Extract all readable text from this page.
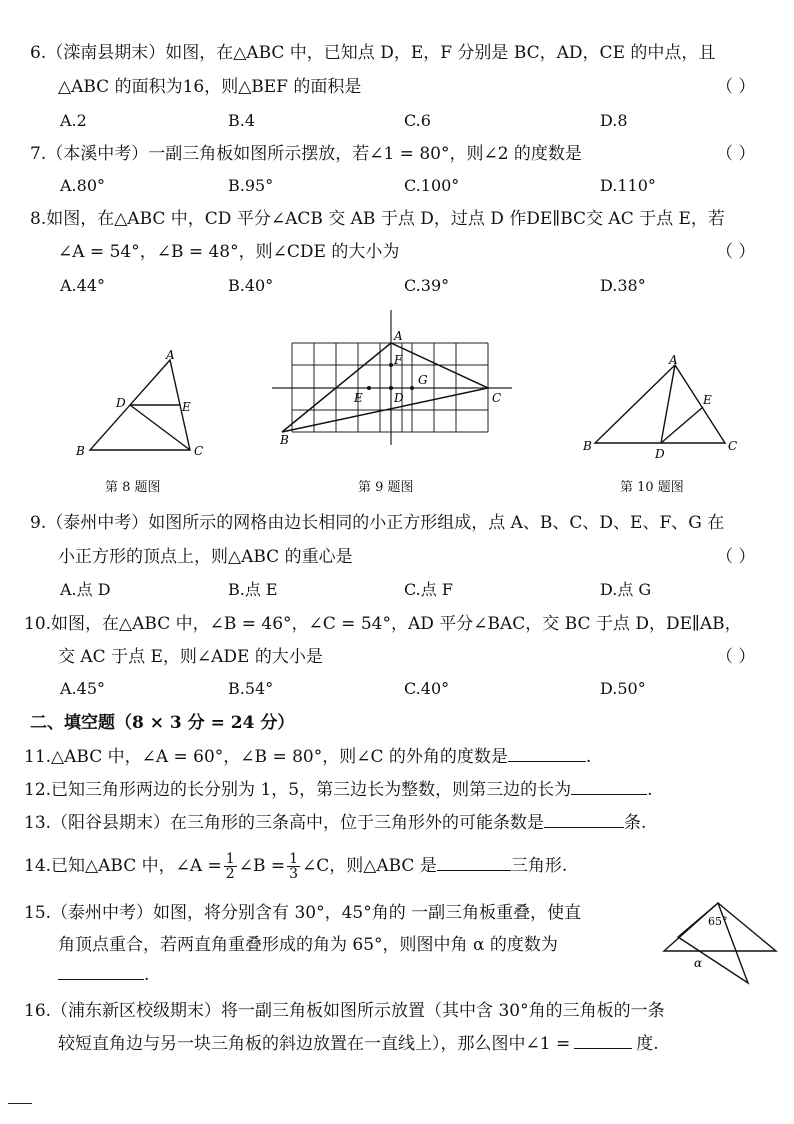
6.（滦南县期末）如图，在△ABC 中，已知点 D，E，F 分别是 BC，AD，CE 的中点，且
△ABC 的面积为16，则△BEF 的面积是	（ ）
A.2	B.4	C.6	D.8
7.（本溪中考）一副三角板如图所示摆放，若∠1 = 80°，则∠2 的度数是	（ ）
A.80°	B.95°	C.100°	D.110°
8.如图，在△ABC 中，CD 平分∠ACB 交 AB 于点 D，过点 D 作DE∥BC交 AC 于点 E，若
∠A = 54°，∠B = 48°，则∠CDE 的大小为	（ ）
A.44°	B.40°	C.39°	D.38°
A
D	E
B	C
第 8 题图
A
F
G
E	D	C
B
第 9 题图
A
E
B
D
C
第 10 题图
9.（泰州中考）如图所示的网格由边长相同的小正方形组成，点 A、B、C、D、E、F、G 在
小正方形的顶点上，则△ABC 的重心是	（ ）
A.点 D	B.点 E	C.点 F	D.点 G
10.如图，在△ABC 中，∠B = 46°，∠C = 54°，AD 平分∠BAC，交 BC 于点 D，DE∥AB，
交 AC 于点 E，则∠ADE 的大小是	（ ）
A.45°	B.54°	C.40°	D.50°
二、填空题（8 × 3 分 = 24 分）
11.△ABC 中，∠A = 60°，∠B = 80°，则∠C 的外角的度数是	.
12.已知三角形两边的长分别为 1，5，第三边长为整数，则第三边的长为	.
13.（阳谷县期末）在三角形的三条高中，位于三角形外的可能条数是	条.
14.已知△ABC 中，∠A = $\frac{1}{2}$ ∠B = $\frac{1}{3}$ ∠C，则△ABC 是	三角形.
15.（泰州中考）如图，将分别含有 30°，45°角的 一副三角板重叠，使直
角顶点重合，若两直角重叠形成的角为 65°，则图中角 α 的度数为
.
65°
α
16.（浦东新区校级期末）将一副三角板如图所示放置（其中含 30°角的三角板的一条
较短直角边与另一块三角板的斜边放置在一直线上），那么图中∠1 =	度.
